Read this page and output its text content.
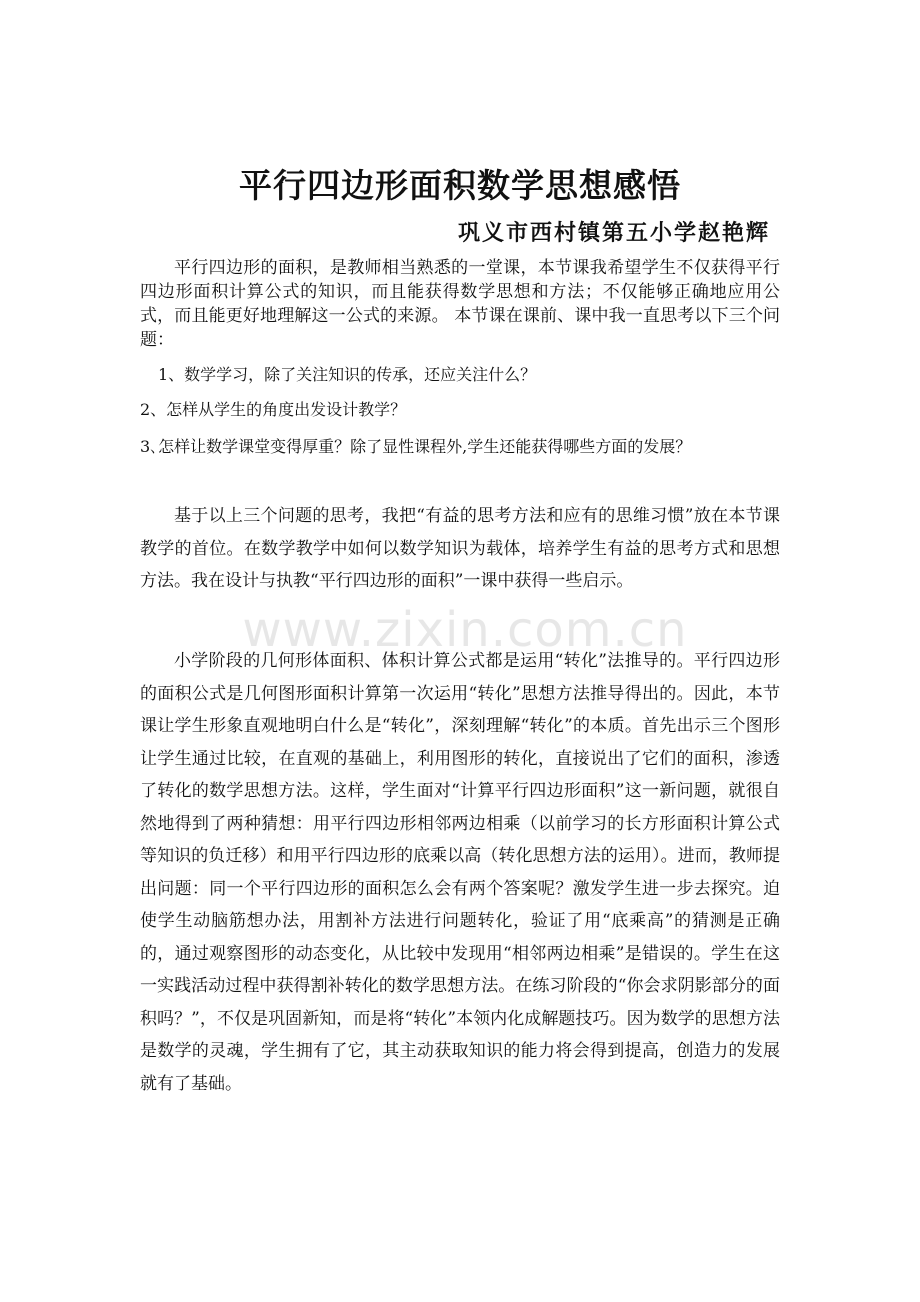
平行四边形面积数学思想感悟
巩义市西村镇第五小学赵艳辉
平行四边形的面积，是教师相当熟悉的一堂课，本节课我希望学生不仅获得平行四边形面积计算公式的知识，而且能获得数学思想和方法；不仅能够正确地应用公式，而且能更好地理解这一公式的来源。 本节课在课前、课中我一直思考以下三个问题：
1、数学学习，除了关注知识的传承，还应关注什么？
2、怎样从学生的角度出发设计教学？
3､怎样让数学课堂变得厚重？除了显性课程外,学生还能获得哪些方面的发展？
基于以上三个问题的思考，我把“有益的思考方法和应有的思维习惯”放在本节课教学的首位。在数学教学中如何以数学知识为载体，培养学生有益的思考方式和思想方法。我在设计与执教“平行四边形的面积”一课中获得一些启示。
小学阶段的几何形体面积、体积计算公式都是运用“转化”法推导的。平行四边形的面积公式是几何图形面积计算第一次运用“转化”思想方法推导得出的。因此，本节课让学生形象直观地明白什么是“转化”，深刻理解“转化”的本质。首先出示三个图形让学生通过比较，在直观的基础上，利用图形的转化，直接说出了它们的面积，渗透了转化的数学思想方法。这样，学生面对“计算平行四边形面积”这一新问题，就很自然地得到了两种猜想：用平行四边形相邻两边相乘（以前学习的长方形面积计算公式等知识的负迁移）和用平行四边形的底乘以高（转化思想方法的运用）。进而，教师提出问题：同一个平行四边形的面积怎么会有两个答案呢？激发学生进一步去探究。迫使学生动脑筋想办法，用割补方法进行问题转化，验证了用“底乘高”的猜测是正确的，通过观察图形的动态变化，从比较中发现用“相邻两边相乘”是错误的。学生在这一实践活动过程中获得割补转化的数学思想方法。在练习阶段的“你会求阴影部分的面积吗？”，不仅是巩固新知，而是将“转化”本领内化成解题技巧。因为数学的思想方法是数学的灵魂，学生拥有了它，其主动获取知识的能力将会得到提高，创造力的发展就有了基础。
www.zixin.com.cn
